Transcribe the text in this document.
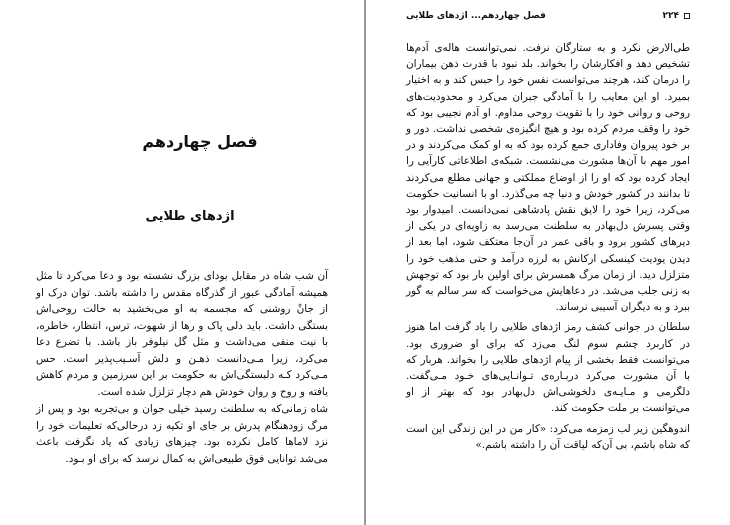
فصل چهاردهم
اژدهای طلایی

آن شب شاه در مقابل بودای بزرگ نشسته بود و دعا می‌کرد تا مثل همیشه آمادگی عبور از گذرگاه مقدس را داشته باشد. توان درک او از جانْ روشنی که مجسمه به او می‌بخشید به حالت روحی‌اش بستگی داشت. باید دلی پاک و رها از شهوت، ترس، انتظار، خاطره، با نیت منفی می‌داشت و مثل گل نیلوفر باز باشد. با تضرع دعا می‌کرد، زیرا مـی‌دانست ذهـن و دلش آسـیب‌پذیر است. حس مـی‌کرد کـه دلبستگی‌اش به حکومت بر این سرزمین و مردم کاهش یافته و روح و روان خودش هم دچار تزلزل شده است.

شاه زمانی‌که به سلطنت رسید خیلی جوان و بی‌تجربه بود و پس از مرگ زودهنگام پدرش بر جای او تکیه زد درحالی‌که تعلیمات خود را نزد لاماها کامل نکرده بود. چیزهای زیادی که یاد نگرفت باعث می‌شد توانایی فوق طبیعی‌اش به کمال نرسد که برای او بـود.

فصل چهاردهم... اژدهای طلایی	۲۲۴

طی‌الارض نکرد و به ستارگان نرفت. نمی‌توانست هاله‌ی آدم‌ها تشخیص دهد و افکارشان را بخواند. بلد نبود با قدرت ذهن بیماران را درمان کند، هرچند می‌توانست نفس خود را حبس کند و به اختیار بمیرد. او این معایب را با آمادگی جبران می‌کرد و محدودیت‌های روحی و روانی خود را با تقویت روحی مداوم. او آدم نجیبی بود که خود را وقف مردم کرده بود و هیچ انگیزه‌ی شخصی نداشت. دور و بر خود پیروان وفاداری جمع کرده بود که به او کمک می‌کردند و در امور مهم با آن‌ها مشورت می‌نشست. شبکه‌ی اطلاعاتی کارآیی را ایجاد کرده بود که او را از اوضاع مملکتی و جهانی مطلع می‌کردند تا بدانند در کشور خودش و دنیا چه می‌گذرد. او با انسانیت حکومت می‌کرد، زیرا خود را لایق نقش پادشاهی نمی‌دانست. امیدوار بود وقتی پسرش دل‌بهادر به سلطنت می‌رسد به زاویه‌ای در یکی از دیرهای کشور برود و باقی عمر در آن‌جا معتکف شود، اما بعد از دیدن یودیت کینسکی ارکانش به لرزه درآمد و حتی مذهب خود را متزلزل دید. از زمان مرگ همسرش برای اولین بار بود که توجهش به زنی جلب می‌شد. در دعاهایش می‌خواست که سر سالم به گور ببرد و به دیگران آسیبی نرساند.

سلطان در جوانی کشف رمز اژدهای طلایی را یاد گرفت اما هنوز در کاربرد چشم سوم لنگ می‌زد که برای او ضروری بود. می‌توانست فقط بخشی از پیام اژدهای طلایی را بخواند. هربار که با آن مشورت می‌کرد دربـاره‌ی تـوانـایی‌های خـود مـی‌گفت. دلگرمی و مـایـه‌ی دلخوشی‌اش دل‌بهادر بود که بهتر از او می‌توانست بر ملت حکومت کند.

اندوهگین زیر لب زمزمه می‌کرد: «کار من در این زندگی این است که شاه باشم، بی آن‌که لیاقت آن را داشته باشم.»
